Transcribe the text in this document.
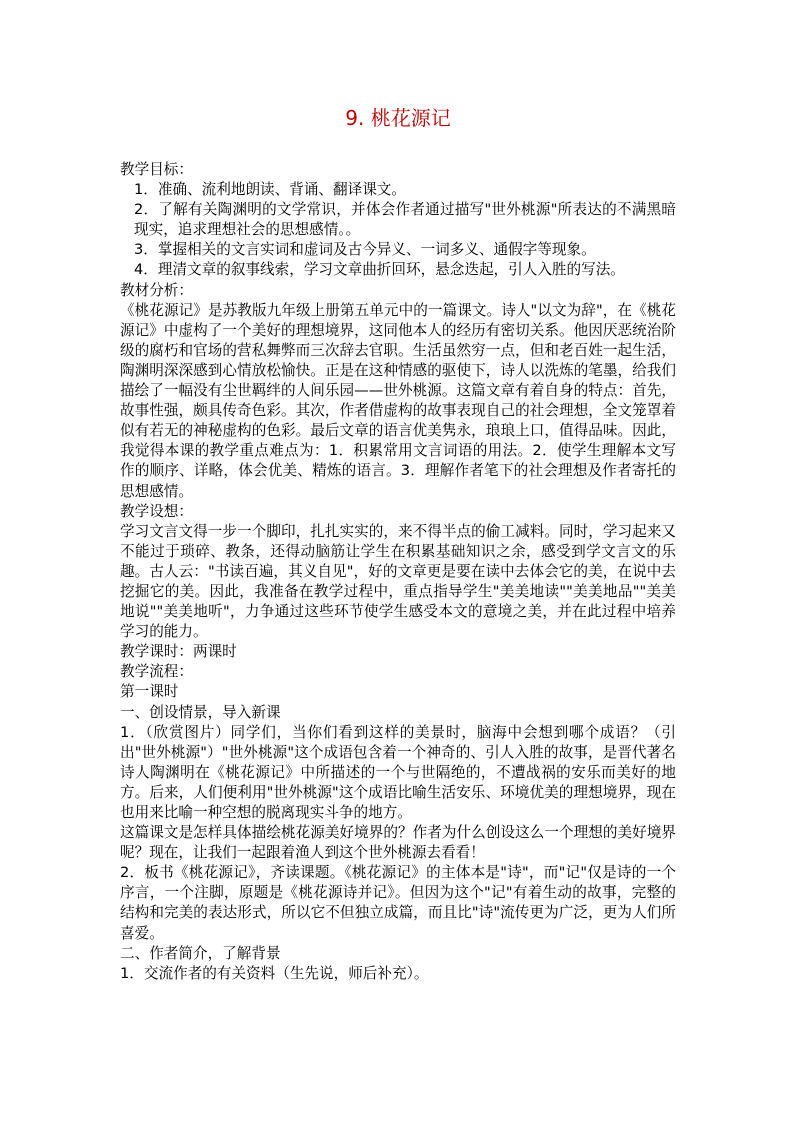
9. 桃花源记

教学目标：

1．准确、流利地朗读、背诵、翻译课文。

2．了解有关陶渊明的文学常识，并体会作者通过描写"世外桃源"所表达的不满黑暗现实，追求理想社会的思想感情。。

3．掌握相关的文言实词和虚词及古今异义、一词多义、通假字等现象。

4．理清文章的叙事线索，学习文章曲折回环，悬念迭起，引人入胜的写法。

教材分析：

《桃花源记》是苏教版九年级上册第五单元中的一篇课文。诗人"以文为辞"，在《桃花源记》中虚构了一个美好的理想境界，这同他本人的经历有密切关系。他因厌恶统治阶级的腐朽和官场的营私舞弊而三次辞去官职。生活虽然穷一点，但和老百姓一起生活，陶渊明深深感到心情放松愉快。正是在这种情感的驱使下，诗人以洗炼的笔墨，给我们描绘了一幅没有尘世羁绊的人间乐园——世外桃源。这篇文章有着自身的特点：首先，故事性强，颇具传奇色彩。其次，作者借虚构的故事表现自己的社会理想，全文笼罩着似有若无的神秘虚构的色彩。最后文章的语言优美隽永，琅琅上口，值得品味。因此，我觉得本课的教学重点难点为：1．积累常用文言词语的用法。2．使学生理解本文写作的顺序、详略，体会优美、精炼的语言。3．理解作者笔下的社会理想及作者寄托的思想感情。

教学设想：

学习文言文得一步一个脚印，扎扎实实的，来不得半点的偷工减料。同时，学习起来又不能过于琐碎、教条，还得动脑筋让学生在积累基础知识之余，感受到学文言文的乐趣。古人云："书读百遍，其义自见"，好的文章更是要在读中去体会它的美，在说中去挖掘它的美。因此，我准备在教学过程中，重点指导学生"美美地读""美美地品""美美地说""美美地听"，力争通过这些环节使学生感受本文的意境之美，并在此过程中培养学习的能力。

教学课时：两课时

教学流程：

第一课时

一、创设情景，导入新课

1．（欣赏图片）同学们，当你们看到这样的美景时，脑海中会想到哪个成语？（引出"世外桃源"）"世外桃源"这个成语包含着一个神奇的、引人入胜的故事，是晋代著名诗人陶渊明在《桃花源记》中所描述的一个与世隔绝的，不遭战祸的安乐而美好的地方。后来，人们便利用"世外桃源"这个成语比喻生活安乐、环境优美的理想境界，现在也用来比喻一种空想的脱离现实斗争的地方。

这篇课文是怎样具体描绘桃花源美好境界的？作者为什么创设这么一个理想的美好境界呢？现在，让我们一起跟着渔人到这个世外桃源去看看！

2．板书《桃花源记》，齐读课题。《桃花源记》的主体本是"诗"，而"记"仅是诗的一个序言，一个注脚，原题是《桃花源诗并记》。但因为这个"记"有着生动的故事，完整的结构和完美的表达形式，所以它不但独立成篇，而且比"诗"流传更为广泛，更为人们所喜爱。

二、作者简介，了解背景

1．交流作者的有关资料（生先说，师后补充）。
